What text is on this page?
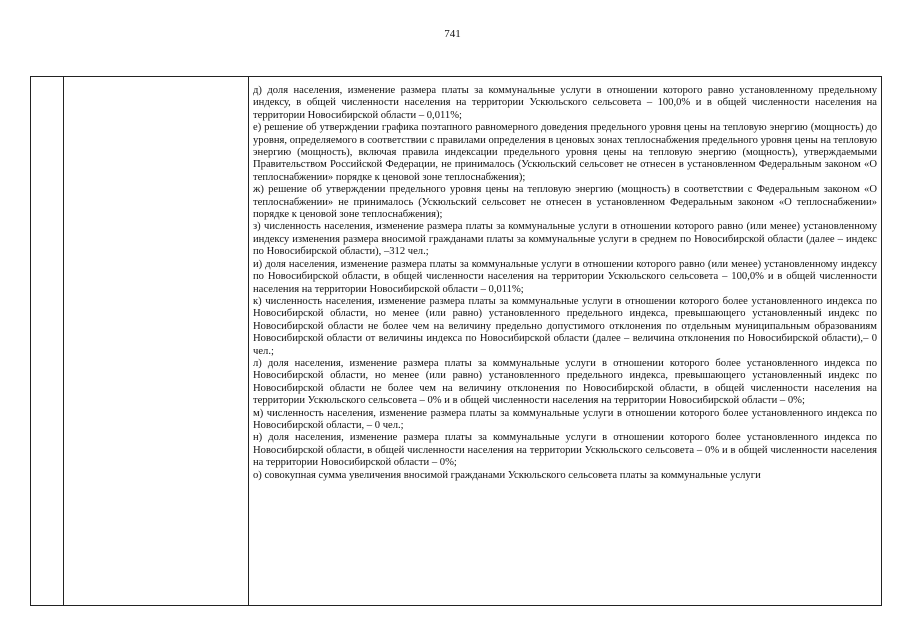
741

д) доля населения, изменение размера платы за коммунальные услуги в отношении которого равно установленному предельному индексу, в общей численности населения на территории Ускюльского сельсовета – 100,0% и в общей численности населения на территории Новосибирской области – 0,011%;

е) решение об утверждении графика поэтапного равномерного доведения предельного уровня цены на тепловую энергию (мощность) до уровня, определяемого в соответствии с правилами определения в ценовых зонах теплоснабжения предельного уровня цены на тепловую энергию (мощность), включая правила индексации предельного уровня цены на тепловую энергию (мощность), утверждаемыми Правительством Российской Федерации, не принималось (Ускюльский сельсовет не отнесен в установленном Федеральным законом «О теплоснабжении» порядке к ценовой зоне теплоснабжения);

ж) решение об утверждении предельного уровня цены на тепловую энергию (мощность) в соответствии с Федеральным законом «О теплоснабжении» не принималось (Ускюльский сельсовет не отнесен в установленном Федеральным законом «О теплоснабжении» порядке к ценовой зоне теплоснабжения);

з) численность населения, изменение размера платы за коммунальные услуги в отношении которого равно (или менее) установленному индексу изменения размера вносимой гражданами платы за коммунальные услуги в среднем по Новосибирской области (далее – индекс по Новосибирской области), –312 чел.;

и) доля населения, изменение размера платы за коммунальные услуги в отношении которого равно (или менее) установленному индексу по Новосибирской области, в общей численности населения на территории Ускюльского сельсовета – 100,0% и в общей численности населения на территории Новосибирской области – 0,011%;

к) численность населения, изменение размера платы за коммунальные услуги в отношении которого более установленного индекса по Новосибирской области, но менее (или равно) установленного предельного индекса, превышающего установленный индекс по Новосибирской области не более чем на величину предельно допустимого отклонения по отдельным муниципальным образованиям Новосибирской области от величины индекса по Новосибирской области (далее – величина отклонения по Новосибирской области),– 0 чел.;

л) доля населения, изменение размера платы за коммунальные услуги в отношении которого более установленного индекса по Новосибирской области, но менее (или равно) установленного предельного индекса, превышающего установленный индекс по Новосибирской области не более чем на величину отклонения по Новосибирской области, в общей численности населения на территории Ускюльского сельсовета – 0% и в общей численности населения на территории Новосибирской области – 0%;

м) численность населения, изменение размера платы за коммунальные услуги в отношении которого более установленного индекса по Новосибирской области, – 0 чел.;

н) доля населения, изменение размера платы за коммунальные услуги в отношении которого более установленного индекса по Новосибирской области, в общей численности населения на территории Ускюльского сельсовета – 0% и в общей численности населения на территории Новосибирской области – 0%;

о) совокупная сумма увеличения вносимой гражданами Ускюльского сельсовета платы за коммунальные услуги
